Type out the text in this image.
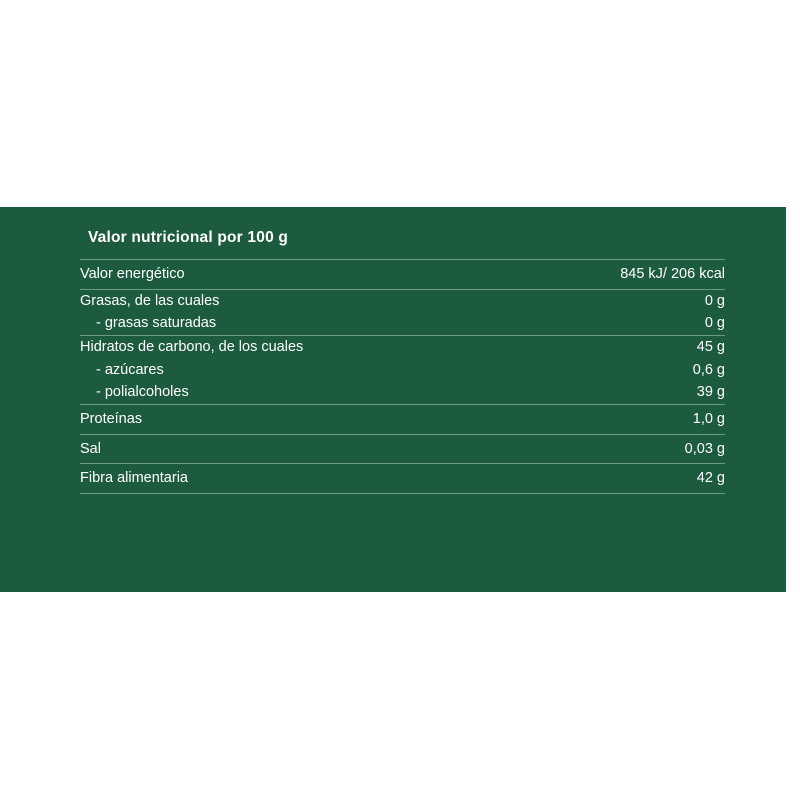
Valor nutricional por 100 g
Valor energético	845 kJ/ 206 kcal
Grasas, de las cuales	0 g
- grasas saturadas	0 g
Hidratos de carbono, de los cuales	45 g
- azúcares	0,6 g
- polialcoholes	39 g
Proteínas	1,0 g
Sal	0,03 g
Fibra alimentaria	42 g
